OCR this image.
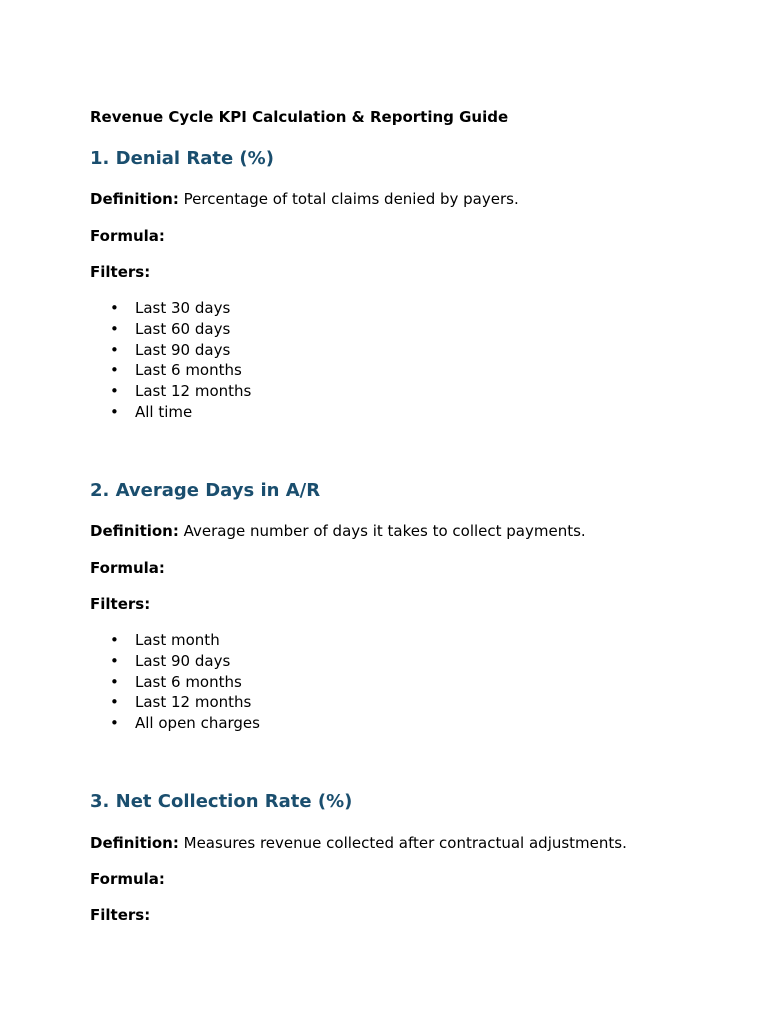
Revenue Cycle KPI Calculation & Reporting Guide
1. Denial Rate (%)
Definition: Percentage of total claims denied by payers.
Formula:
Filters:
• Last 30 days
• Last 60 days
• Last 90 days
• Last 6 months
• Last 12 months
• All time
2. Average Days in A/R
Definition: Average number of days it takes to collect payments.
Formula:
Filters:
• Last month
• Last 90 days
• Last 6 months
• Last 12 months
• All open charges
3. Net Collection Rate (%)
Definition: Measures revenue collected after contractual adjustments.
Formula:
Filters:
